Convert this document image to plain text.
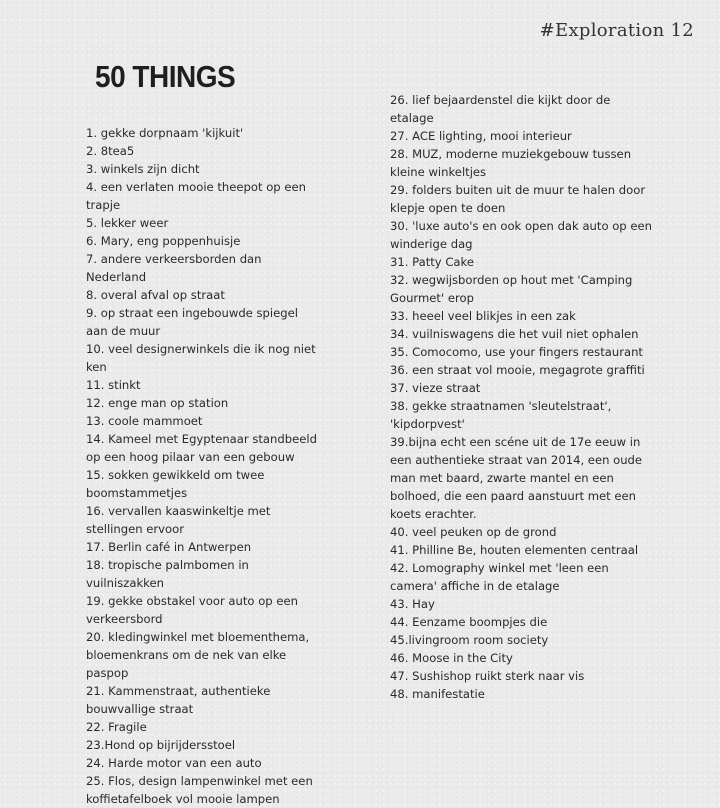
#Exploration 12
50 THINGS
1. gekke dorpnaam 'kijkuit'
2. 8tea5
3. winkels zijn dicht
4. een verlaten mooie theepot op een trapje
5. lekker weer
6. Mary, eng poppenhuisje
7. andere verkeersborden dan Nederland
8. overal afval op straat
9. op straat een ingebouwde spiegel aan de muur
10. veel designerwinkels die ik nog niet ken
11. stinkt
12. enge man op station
13. coole mammoet
14. Kameel met Egyptenaar standbeeld op een hoog pilaar van een gebouw
15. sokken gewikkeld om twee boomstammetjes
16. vervallen kaaswinkeltje met stellingen ervoor
17. Berlin café in Antwerpen
18. tropische palmbomen in vuilniszakken
19. gekke obstakel voor auto op een verkeersbord
20. kledingwinkel met bloementhema, bloemenkrans om de nek van elke paspop
21. Kammenstraat, authentieke bouwvallige straat
22. Fragile
23.Hond op bijrijdersstoel
24. Harde motor van een auto
25. Flos, design lampenwinkel met een koffietafelboek vol mooie lampen
26. lief bejaardenstel die kijkt door de etalage
27. ACE lighting, mooi interieur
28. MUZ, moderne muziekgebouw tussen kleine winkeltjes
29. folders buiten uit de muur te halen door klepje open te doen
30. 'luxe auto's en ook open dak auto op een winderige dag
31. Patty Cake
32. wegwijsborden op hout met 'Camping Gourmet' erop
33. heeel veel blikjes in een zak
34. vuilniswagens die het vuil niet ophalen
35. Comocomo, use your fingers restaurant
36. een straat vol mooie, megagrote graffiti
37. vieze straat
38. gekke straatnamen 'sleutelstraat', 'kipdorpvest'
39.bijna echt een scéne uit de 17e eeuw in een authentieke straat van 2014, een oude man met baard, zwarte mantel en een bolhoed, die een paard aanstuurt met een koets erachter.
40. veel peuken op de grond
41. Philline Be, houten elementen centraal
42. Lomography winkel met 'leen een camera' affiche in de etalage
43. Hay
44. Eenzame boompjes die
45.livingroom room society
46. Moose in the City
47. Sushishop ruikt sterk naar vis
48. manifestatie
